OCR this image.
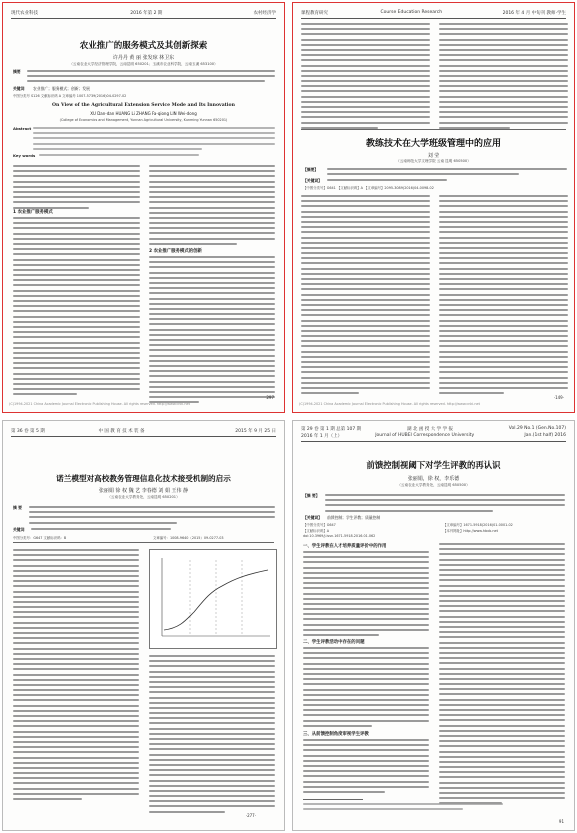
现代农业科技	2016 年第 2 期	农村经济学
农业推广的服务模式及其创新探索
许丹丹 黄 丽 张发琼 林卫东
（云南农业大学经济管理学院，云南昆明 650201；玉溪市农业科学院，云南玉溪 653100）
摘要
关键词 农业推广；服务模式；创新；发展
中图分类号 S126 文献标识码 A 文章编号 1007-5739(2016)04-0297-02
On View of the Agricultural Extension Service Mode and Its Innovation
XU Dan-dan HUANG Li ZHANG Fa-qiong LIN Wei-dong
(College of Economics and Management, Yunnan Agricultural University, Kunming Yunnan 650201)
Abstract
Key words
1 农业推广服务模式
2 农业推广服务模式的创新
(C)1994-2021 China Academic Journal Electronic Publishing House. All rights reserved. http://www.cnki.net
297
课程教育研究	Course Education Research	2016 年 4 月 中旬刊 教师·学生
教练技术在大学班级管理中的应用
刘 莹
（云南师范大学文理学院 云南 昆明 650500）
【摘要】
【关键词】
【中图分类号】G641 【文献标识码】A 【文章编号】2095-3089(2016)04-0098-02
(C)1994-2021 China Academic Journal Electronic Publishing House. All rights reserved. http://www.cnki.net
·149·
第 36 卷 第 5 期	中 国 教 育 技 术 装 备	2015 年 9 月 25 日
诺兰模型对高校教务管理信息化技术接受机制的启示
张丽娟 徐 权 魏 艺 李春德 刘 娟 王伟 静
（云南农业大学教务处，云南昆明 650201）
摘 要
关键词
中图分类号：G647 文献标识码：B	文章编号：1008-9640（2015）09-0277-03
·277·
第 29 卷 第 1 期 总第 107 期	湖 北 函 授 大 学 学 报	Vol.29 No.1 (Gen.No.107)
2016 年 1 月（上）	Journal of HUBEI Correspondence University	Jan.(1st half) 2016
前馈控制视阈下对学生评教的再认识
张丽娟，徐 权，李乐德
（云南农业大学教务处，云南昆明 650500）
【摘 要】
【关键词】 前馈控制；学生评教；质量控制
【中图分类号】G647	【文章编号】1671-5918(2016)01-0001-02
【文献标识码】A	【本刊网址】http://www.hbxb.net
doi:10.3969/j.issn.1671-5918.2016.01.062
一、学生评教在人才培养质量评价中的作用
二、学生评教活动中存在的问题
三、从前馈控制角度审视学生评教
91
